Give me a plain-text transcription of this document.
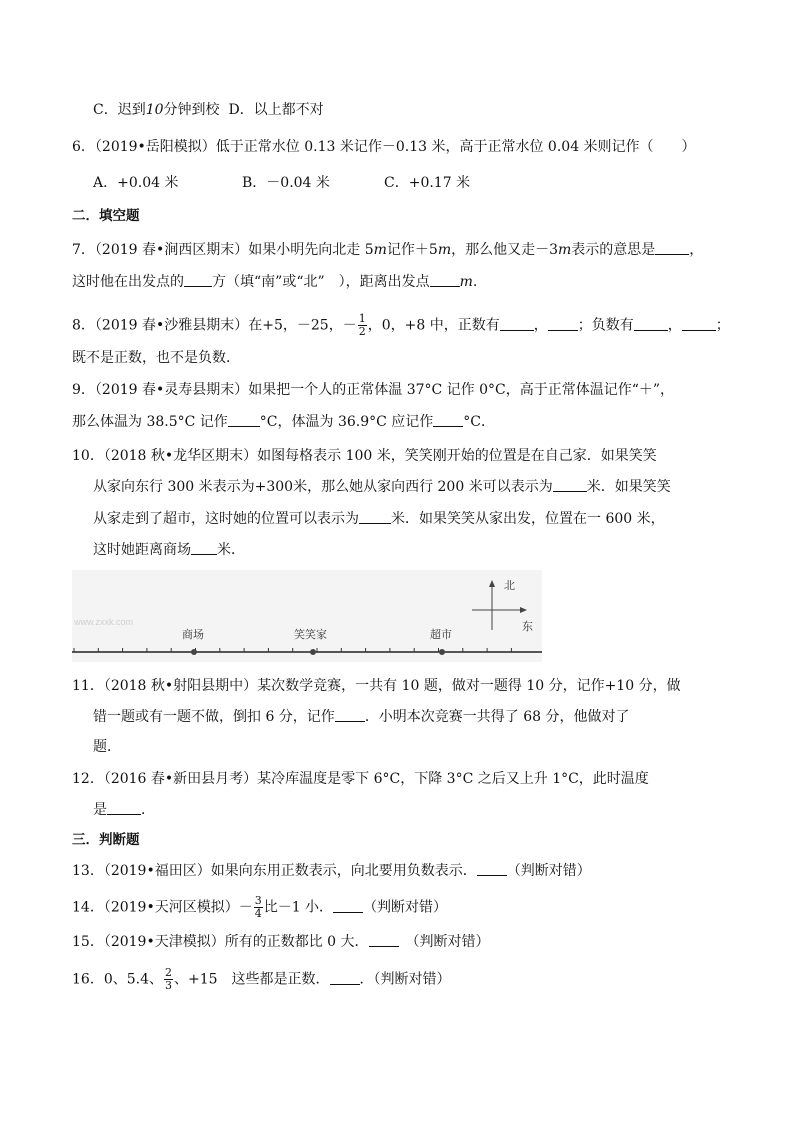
C．迟到10分钟到校 D．以上都不对
6．（2019•岳阳模拟）低于正常水位 0.13 米记作－0.13 米，高于正常水位 0.04 米则记作（　　）
A．+0.04 米	B．－0.04 米	C．+0.17 米
二．填空题
7．（2019 春•涧西区期末）如果小明先向北走 5m记作＋5m，那么他又走－3m表示的意思是 ，
这时他在出发点的 方（填“南”或“北”　），距离出发点 m.
8．（2019 春•沙雅县期末）在+5，－25，－ $\frac{1}{2}$ ，0，+8 中，正数有 ， ；负数有 ， ；
既不是正数，也不是负数．
9．（2019 春•灵寿县期末）如果把一个人的正常体温 37°C 记作 0°C，高于正常体温记作“＋”，
那么体温为 38.5°C 记作 °C，体温为 36.9°C 应记作 °C．
10．（2018 秋•龙华区期末）如图每格表示 100 米，笑笑刚开始的位置是在自己家．如果笑笑
从家向东行 300 米表示为+300米，那么她从家向西行 200 米可以表示为 米．如果笑笑
从家走到了超市，这时她的位置可以表示为 米．如果笑笑从家出发，位置在一 600 米，
这时她距离商场 米．
www.zxxk.com
北
东
商场	笑笑家	超市
11．（2018 秋•射阳县期中）某次数学竞赛，一共有 10 题，做对一题得 10 分，记作+10 分，做
错一题或有一题不做，倒扣 6 分，记作 ．小明本次竞赛一共得了 68 分，他做对了
题．
12．（2016 春•新田县月考）某冷库温度是零下 6°C，下降 3°C 之后又上升 1°C，此时温度
是 ．
三．判断题
13．（2019•福田区）如果向东用正数表示，向北要用负数表示． （判断对错）
14．（2019•天河区模拟）－ $\frac{3}{4}$ 比－1 小． （判断对错）
15．（2019•天津模拟）所有的正数都比 0 大．　（判断对错）
16．0、5.4、 $\frac{2}{3}$ 、+15　这些都是正数． ．（判断对错）
